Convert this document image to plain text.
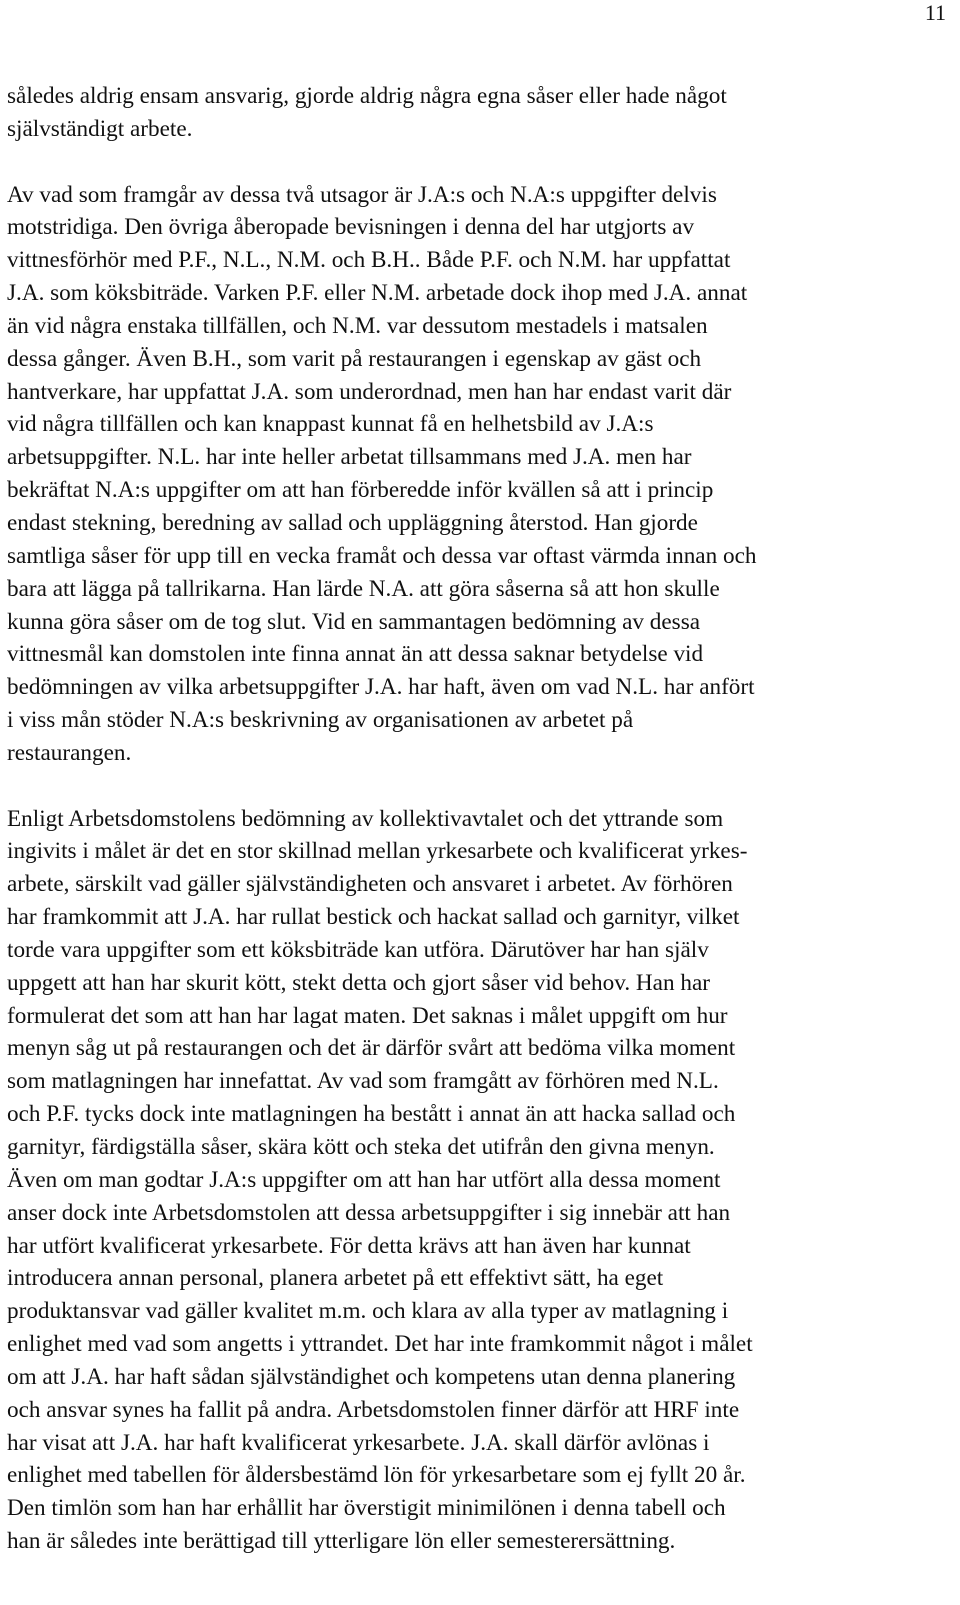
11
således aldrig ensam ansvarig, gjorde aldrig några egna såser eller hade något
självständigt arbete.
Av vad som framgår av dessa två utsagor är J.A:s och N.A:s uppgifter delvis
motstridiga. Den övriga åberopade bevisningen i denna del har utgjorts av
vittnesförhör med P.F., N.L., N.M. och B.H.. Både P.F. och N.M. har uppfattat
J.A. som köksbiträde. Varken P.F. eller N.M. arbetade dock ihop med J.A. annat
än vid några enstaka tillfällen, och N.M. var dessutom mestadels i matsalen
dessa gånger. Även B.H., som varit på restaurangen i egenskap av gäst och
hantverkare, har uppfattat J.A. som underordnad, men han har endast varit där
vid några tillfällen och kan knappast kunnat få en helhetsbild av J.A:s
arbetsuppgifter. N.L. har inte heller arbetat tillsammans med J.A. men har
bekräftat N.A:s uppgifter om att han förberedde inför kvällen så att i princip
endast stekning, beredning av sallad och uppläggning återstod. Han gjorde
samtliga såser för upp till en vecka framåt och dessa var oftast värmda innan och
bara att lägga på tallrikarna. Han lärde N.A. att göra såserna så att hon skulle
kunna göra såser om de tog slut. Vid en sammantagen bedömning av dessa
vittnesmål kan domstolen inte finna annat än att dessa saknar betydelse vid
bedömningen av vilka arbetsuppgifter J.A. har haft, även om vad N.L. har anfört
i viss mån stöder N.A:s beskrivning av organisationen av arbetet på
restaurangen.
Enligt Arbetsdomstolens bedömning av kollektivavtalet och det yttrande som
ingivits i målet är det en stor skillnad mellan yrkesarbete och kvalificerat yrkes-
arbete, särskilt vad gäller självständigheten och ansvaret i arbetet. Av förhören
har framkommit att J.A. har rullat bestick och hackat sallad och garnityr, vilket
torde vara uppgifter som ett köksbiträde kan utföra. Därutöver har han själv
uppgett att han har skurit kött, stekt detta och gjort såser vid behov. Han har
formulerat det som att han har lagat maten. Det saknas i målet uppgift om hur
menyn såg ut på restaurangen och det är därför svårt att bedöma vilka moment
som matlagningen har innefattat. Av vad som framgått av förhören med N.L.
och P.F. tycks dock inte matlagningen ha bestått i annat än att hacka sallad och
garnityr, färdigställa såser, skära kött och steka det utifrån den givna menyn.
Även om man godtar J.A:s uppgifter om att han har utfört alla dessa moment
anser dock inte Arbetsdomstolen att dessa arbetsuppgifter i sig innebär att han
har utfört kvalificerat yrkesarbete. För detta krävs att han även har kunnat
introducera annan personal, planera arbetet på ett effektivt sätt, ha eget
produktansvar vad gäller kvalitet m.m. och klara av alla typer av matlagning i
enlighet med vad som angetts i yttrandet. Det har inte framkommit något i målet
om att J.A. har haft sådan självständighet och kompetens utan denna planering
och ansvar synes ha fallit på andra. Arbetsdomstolen finner därför att HRF inte
har visat att J.A. har haft kvalificerat yrkesarbete. J.A. skall därför avlönas i
enlighet med tabellen för åldersbestämd lön för yrkesarbetare som ej fyllt 20 år.
Den timlön som han har erhållit har överstigit minimilönen i denna tabell och
han är således inte berättigad till ytterligare lön eller semesterersättning.
